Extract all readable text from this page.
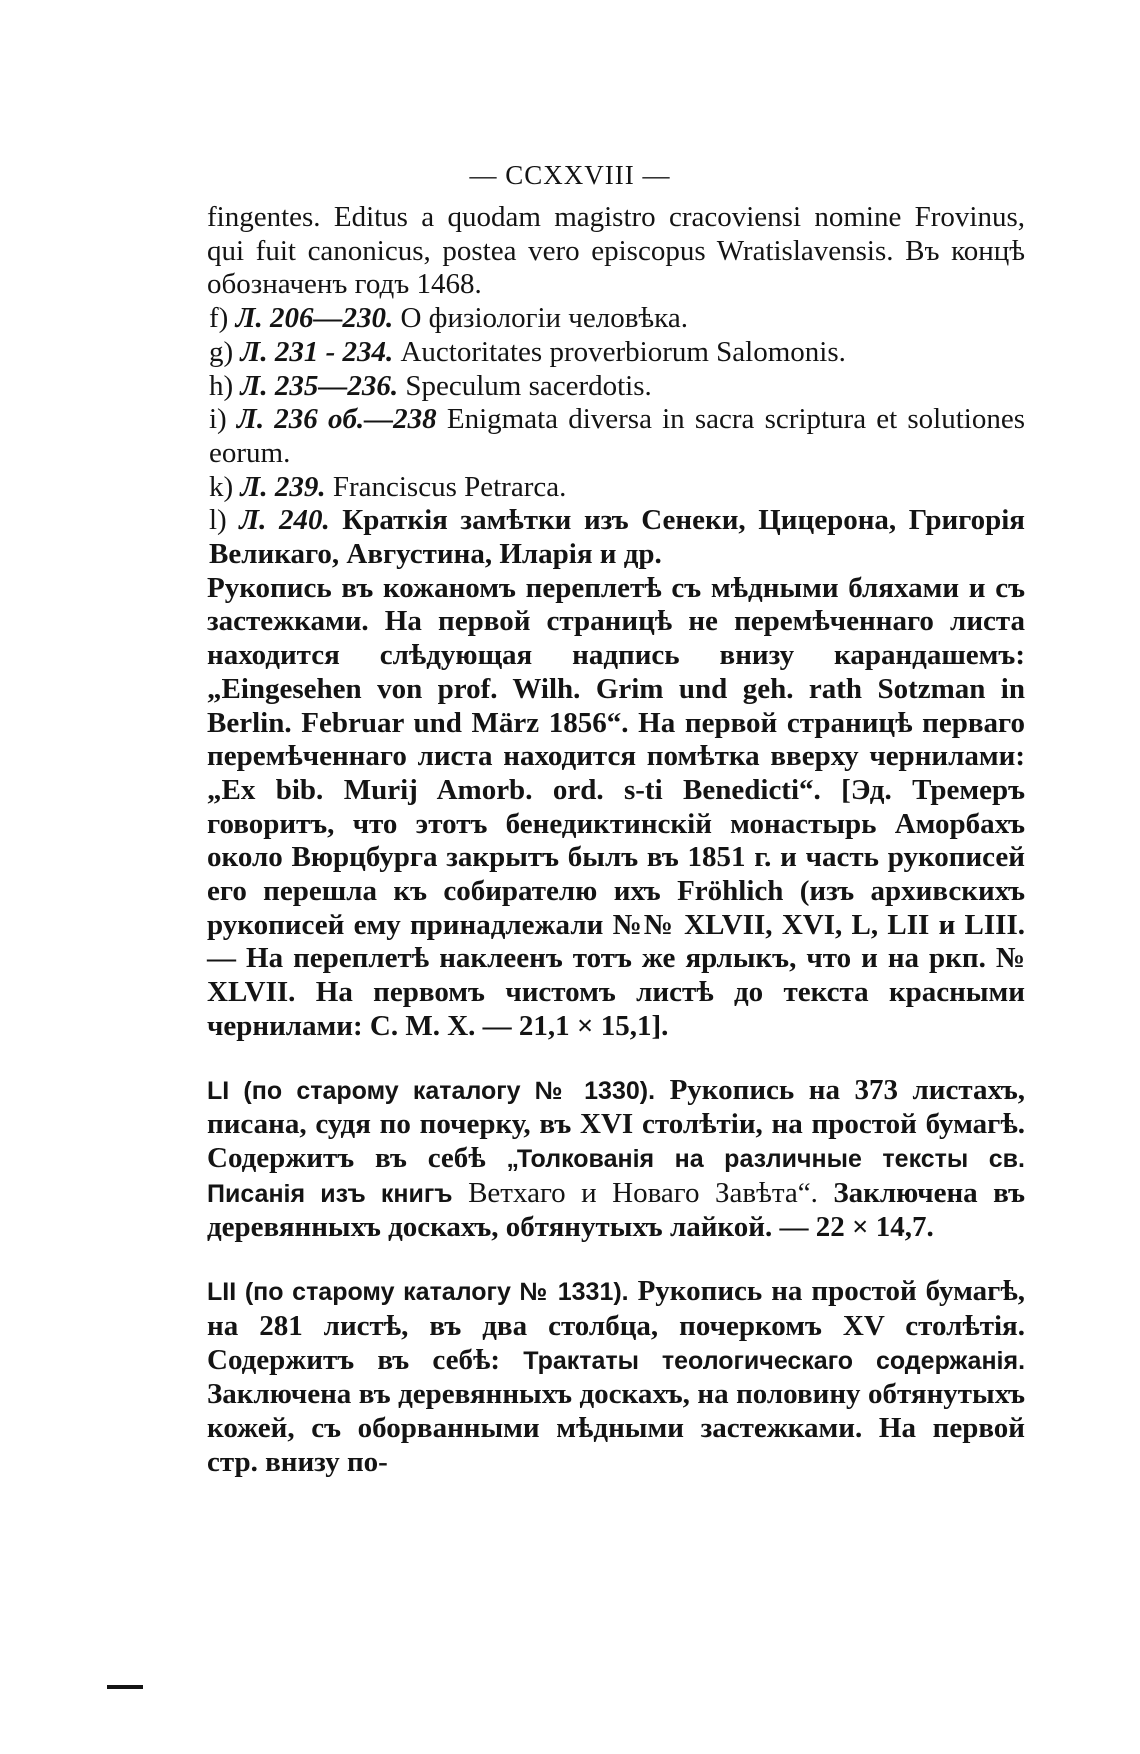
— CCXXVIII —

fingentes. Editus a quodam magistro cracoviensi nomine Frovinus, qui fuit canonicus, postea vero episcopus Wratislavensis. Въ концѣ обозначенъ годъ 1468.

f) Л. 206—230. О физіологіи человѣка.

g) Л. 231 - 234. Auctoritates proverbiorum Salomonis.

h) Л. 235—236. Speculum sacerdotis.

i) Л. 236 об.—238 Enigmata diversa in sacra scriptura et solutiones eorum.

k) Л. 239. Franciscus Petrarca.

l) Л. 240. Краткія замѣтки изъ Сенеки, Цицерона, Григорія Великаго, Августина, Иларія и др.

Рукопись въ кожаномъ переплетѣ съ мѣдными бляхами и съ застежками. На первой страницѣ не перемѣченнаго листа находится слѣдующая надпись внизу карандашемъ: „Eingesehen von prof. Wilh. Grim und geh. rath Sotzman in Berlin. Februar und März 1856“. На первой страницѣ перваго перемѣченнаго листа находится помѣтка вверху чернилами: „Ex bib. Murij Amorb. ord. s-ti Benedicti“. [Эд. Тремеръ говоритъ, что этотъ бенедиктинскій монастырь Аморбахъ около Вюрцбурга закрытъ былъ въ 1851 г. и часть рукописей его перешла къ собирателю ихъ Fröhlich (изъ архивскихъ рукописей ему принадлежали №№ XLVII, XVI, L, LII и LIII. — На переплетѣ наклеенъ тотъ же ярлыкъ, что и на ркп. № XLVII. На первомъ чистомъ листѣ до текста красными чернилами: С. М. X. — 21,1 × 15,1].

LI (по старому каталогу № 1330). Рукопись на 373 листахъ, писана, судя по почерку, въ XVI столѣтіи, на простой бумагѣ. Содержитъ въ себѣ „Толкованія на различные тексты св. Писанія изъ книгъ Ветхаго и Новаго Завѣта“. Заключена въ деревянныхъ доскахъ, обтянутыхъ лайкой. — 22 × 14,7.

LII (по старому каталогу № 1331). Рукопись на простой бумагѣ, на 281 листѣ, въ два столбца, почеркомъ XV столѣтія. Содержитъ въ себѣ: Трактаты теологическаго содержанія. Заключена въ деревянныхъ доскахъ, на половину обтянутыхъ кожей, съ оборванными мѣдными застежками. На первой стр. внизу по-
